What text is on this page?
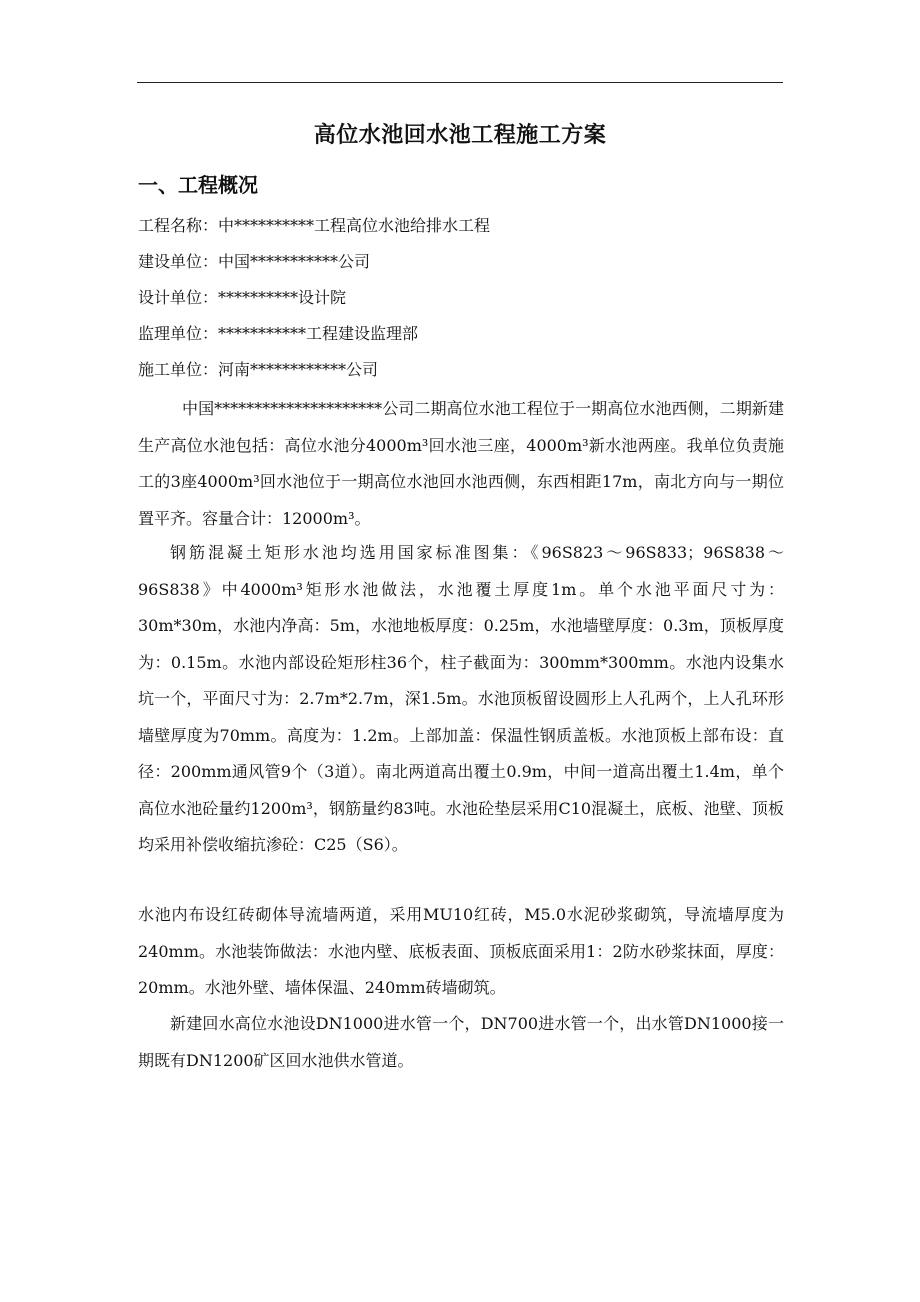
高位水池回水池工程施工方案
一、工程概况
工程名称：中**********工程高位水池给排水工程
建设单位：中国***********公司
设计单位：**********设计院
监理单位：***********工程建设监理部
施工单位：河南************公司

中国*********************公司二期高位水池工程位于一期高位水池西侧，二期新建生产高位水池包括：高位水池分4000m³回水池三座，4000m³新水池两座。我单位负责施工的3座4000m³回水池位于一期高位水池回水池西侧，东西相距17m，南北方向与一期位置平齐。容量合计：12000m³。

钢筋混凝土矩形水池均选用国家标准图集：《96S823～96S833；96S838～96S838》中4000m³矩形水池做法，水池覆土厚度1m。单个水池平面尺寸为：30m*30m，水池内净高：5m，水池地板厚度：0.25m，水池墙壁厚度：0.3m，顶板厚度为：0.15m。水池内部设砼矩形柱36个，柱子截面为：300mm*300mm。水池内设集水坑一个，平面尺寸为：2.7m*2.7m，深1.5m。水池顶板留设圆形上人孔两个，上人孔环形墙壁厚度为70mm。高度为：1.2m。上部加盖：保温性钢质盖板。水池顶板上部布设：直径：200mm通风管9个（3道）。南北两道高出覆土0.9m，中间一道高出覆土1.4m，单个高位水池砼量约1200m³，钢筋量约83吨。水池砼垫层采用C10混凝土，底板、池壁、顶板均采用补偿收缩抗渗砼：C25（S6）。

水池内布设红砖砌体导流墙两道，采用MU10红砖，M5.0水泥砂浆砌筑，导流墙厚度为240mm。水池装饰做法：水池内壁、底板表面、顶板底面采用1：2防水砂浆抹面，厚度：20mm。水池外壁、墙体保温、240mm砖墙砌筑。

新建回水高位水池设DN1000进水管一个，DN700进水管一个，出水管DN1000接一期既有DN1200矿区回水池供水管道。
